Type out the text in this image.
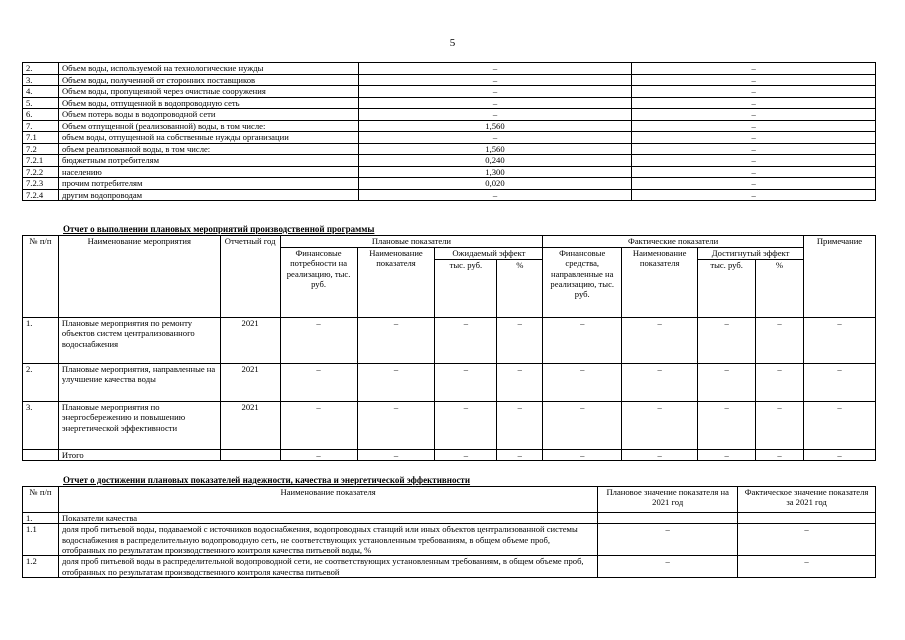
5
2.	Объем воды, используемой на технологические нужды	–	–
3.	Объем воды, полученной от сторонних поставщиков	–	–
4.	Объем воды, пропущенной через очистные сооружения	–	–
5.	Объем воды, отпущенной в водопроводную сеть	–	–
6.	Объем потерь воды в водопроводной сети	–	–
7.	Объем отпущенной (реализованной) воды, в том числе:	1,560	–
7.1	объем воды, отпущенной на собственные нужды организации	–	–
7.2	объем реализованной воды, в том числе:	1,560	–
7.2.1	бюджетным потребителям	0,240	–
7.2.2	населению	1,300	–
7.2.3	прочим потребителям	0,020	–
7.2.4	другим водопроводам	–	–
Отчет о выполнении плановых мероприятий производственной программы
№ п/п	Наименование мероприятия	Отчетный год	Плановые показатели				Фактические показатели				Примечание
			Финансовые потребности на реализацию, тыс. руб.	Наименование показателя	Ожидаемый эффект		Финансовые средства, направленные на реализацию, тыс. руб.	Наименование показателя	Достигнутый эффект		
					тыс. руб.	%			тыс. руб.	%	
1.	Плановые мероприятия по ремонту объектов систем централизованного водоснабжения	2021	–	–	–	–	–	–	–	–	–
2.	Плановые мероприятия, направленные на улучшение качества воды	2021	–	–	–	–	–	–	–	–	–
3.	Плановые мероприятия по энергосбережению и повышению энергетической эффективности	2021	–	–	–	–	–	–	–	–	–
	Итого		–	–	–	–	–	–	–	–	–
Отчет о достижении плановых показателей надежности, качества и энергетической эффективности
№ п/п	Наименование показателя	Плановое значение показателя на 2021 год	Фактическое значение показателя за 2021 год
1.	Показатели качества		
1.1	доля проб питьевой воды, подаваемой с источников водоснабжения, водопроводных станций или иных объектов централизованной системы водоснабжения в распределительную водопроводную сеть, не соответствующих установленным требованиям, в общем объеме проб, отобранных по результатам производственного контроля качества питьевой воды, %	–	–
1.2	доля проб питьевой воды в распределительной водопроводной сети, не соответствующих установленным требованиям, в общем объеме проб, отобранных по результатам производственного контроля качества питьевой	–	–
